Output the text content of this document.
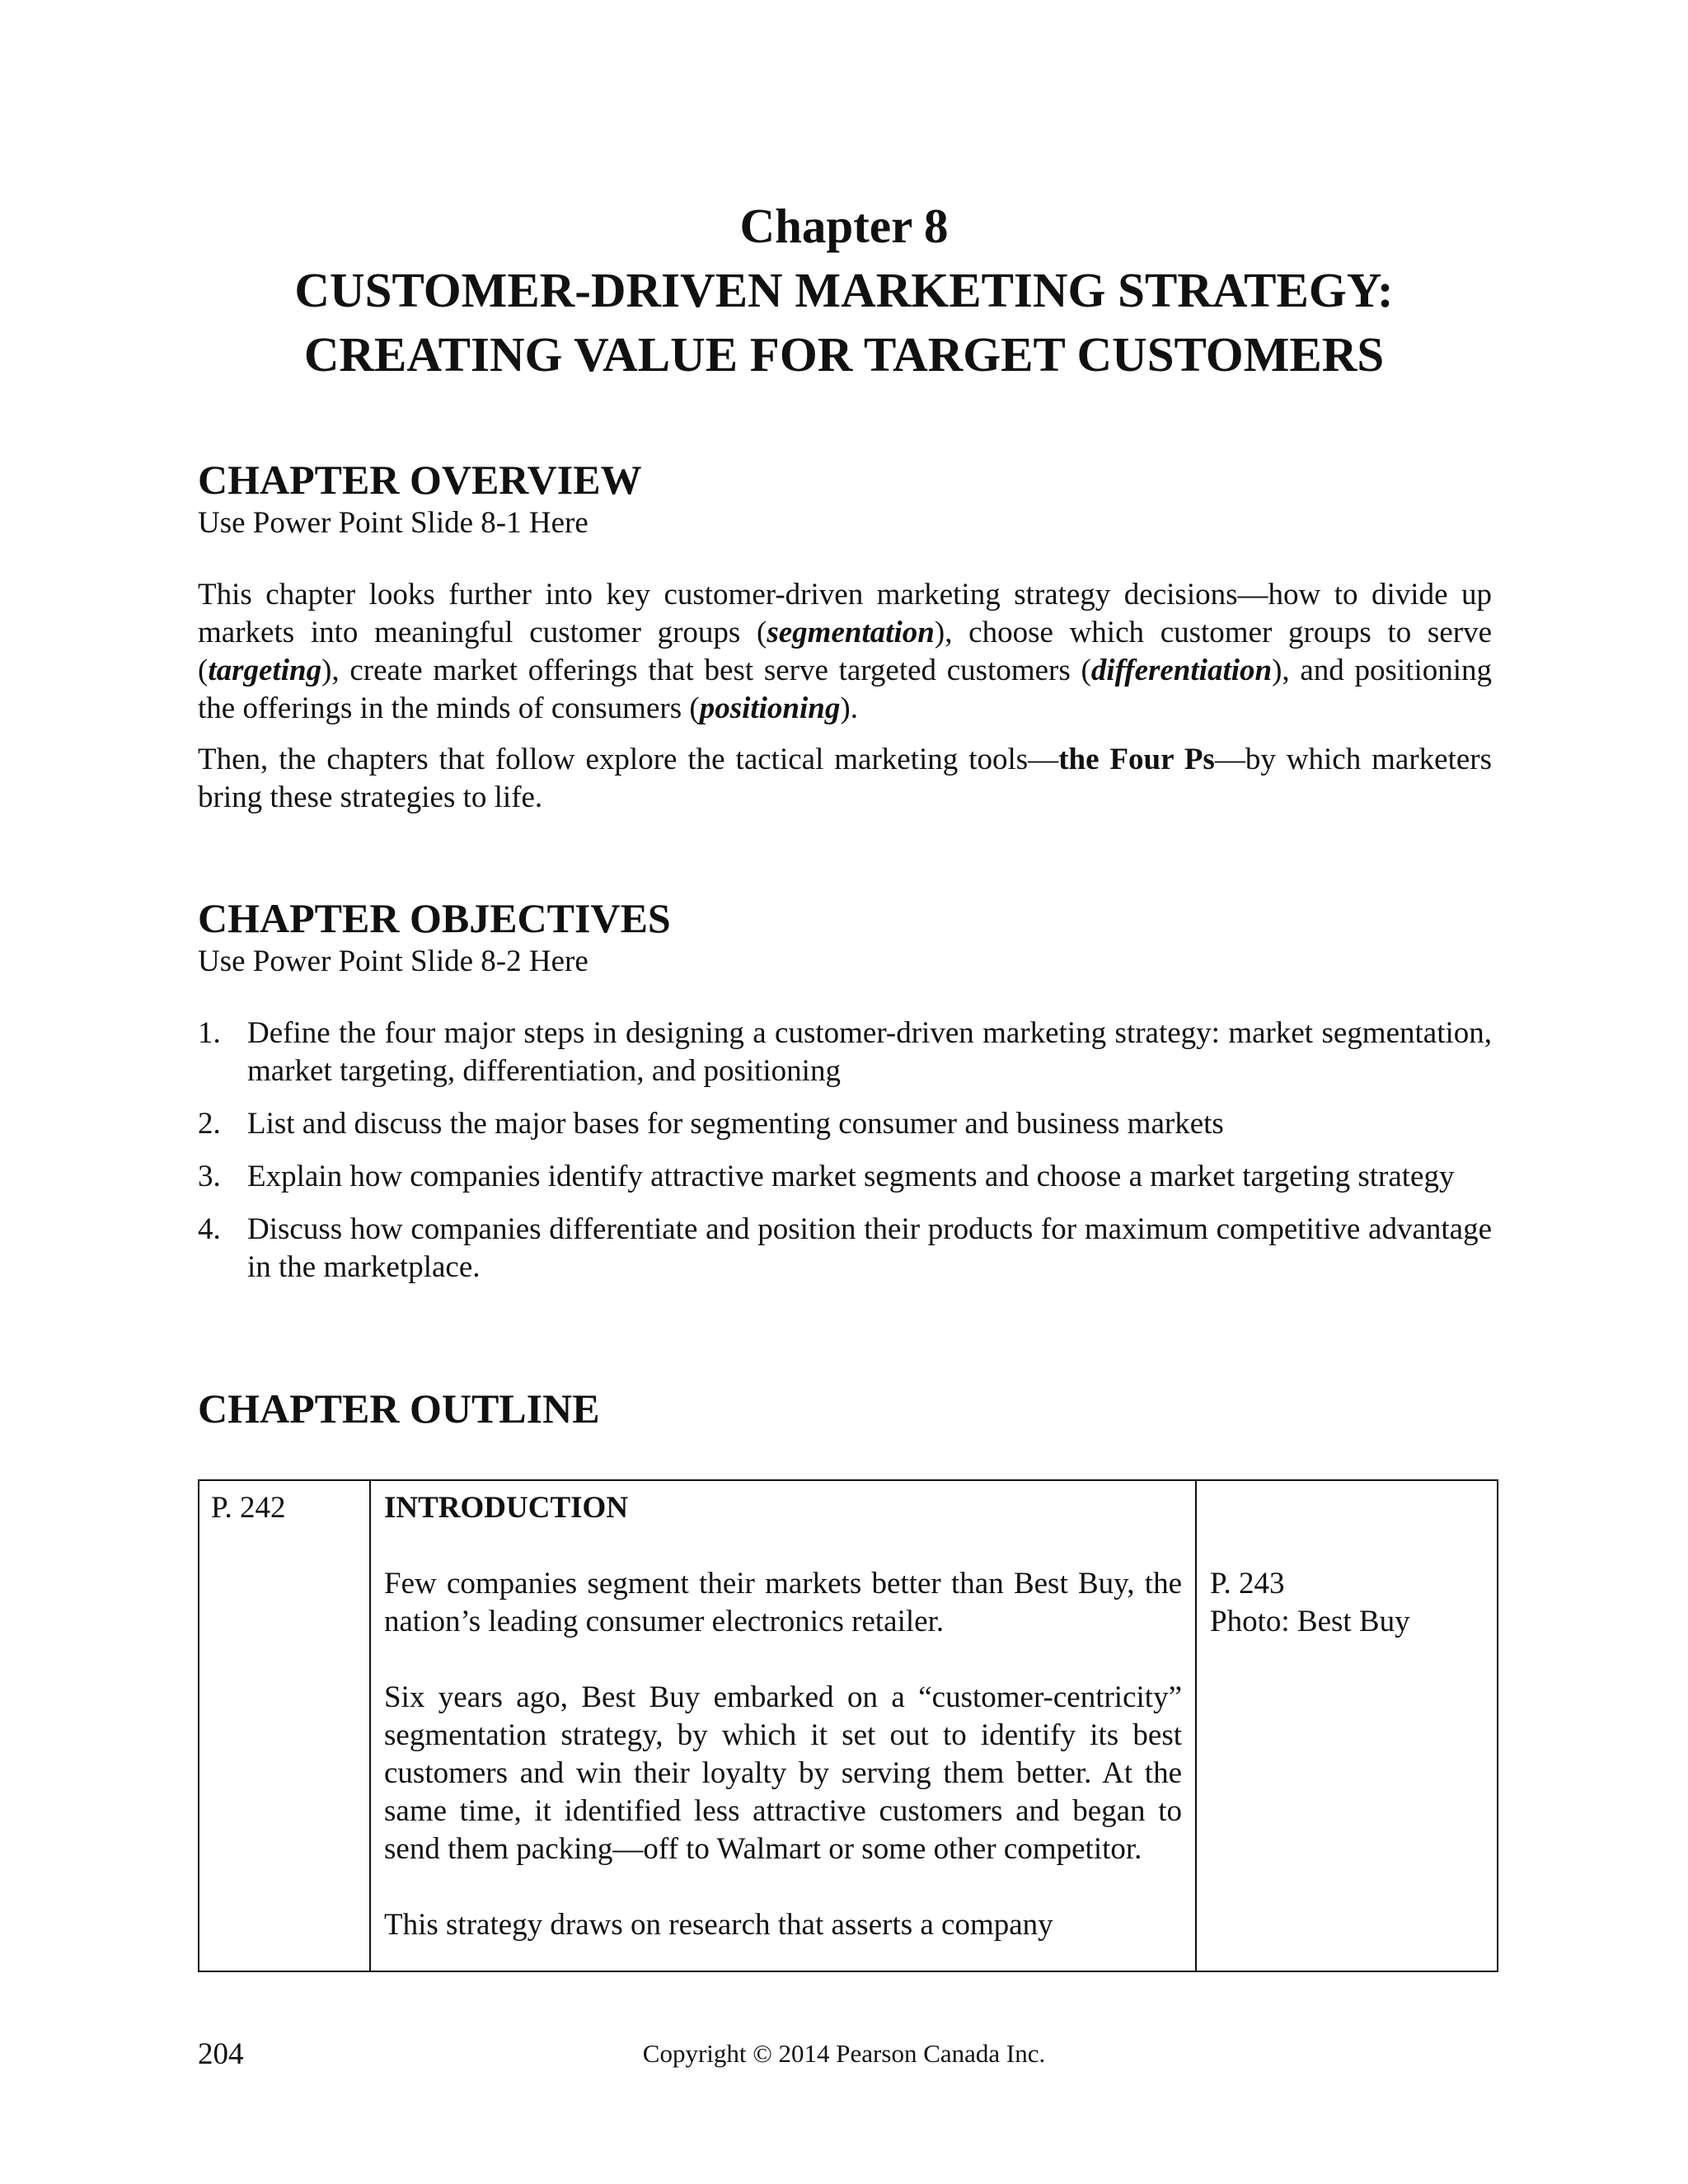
Chapter 8
CUSTOMER-DRIVEN MARKETING STRATEGY:
CREATING VALUE FOR TARGET CUSTOMERS
CHAPTER OVERVIEW

Use Power Point Slide 8-1 Here

This chapter looks further into key customer-driven marketing strategy decisions—how to divide up markets into meaningful customer groups (segmentation), choose which customer groups to serve (targeting), create market offerings that best serve targeted customers (differentiation), and positioning the offerings in the minds of consumers (positioning).

Then, the chapters that follow explore the tactical marketing tools—the Four Ps—by which marketers bring these strategies to life.

CHAPTER OBJECTIVES

Use Power Point Slide 8-2 Here

1. Define the four major steps in designing a customer-driven marketing strategy: market segmentation, market targeting, differentiation, and positioning
2. List and discuss the major bases for segmenting consumer and business markets
3. Explain how companies identify attractive market segments and choose a market targeting strategy
4. Discuss how companies differentiate and position their products for maximum competitive advantage in the marketplace.
CHAPTER OUTLINE
P. 242	INTRODUCTION

Few companies segment their markets better than Best Buy, the nation’s leading consumer electronics retailer.

Six years ago, Best Buy embarked on a “customer-centricity” segmentation strategy, by which it set out to identify its best customers and win their loyalty by serving them better. At the same time, it identified less attractive customers and began to send them packing—off to Walmart or some other competitor.

This strategy draws on research that asserts a company

P. 243
Photo: Best Buy
204	Copyright © 2014 Pearson Canada Inc.
